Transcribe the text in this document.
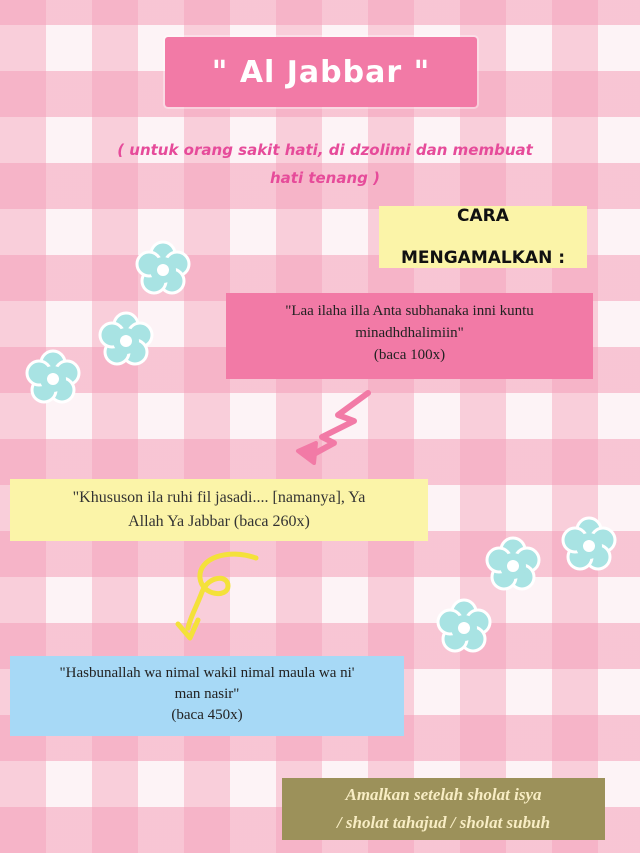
" Al Jabbar "
( untuk orang sakit hati, di dzolimi dan membuat
hati tenang )

CARA

MENGAMALKAN :

"Laa ilaha illa Anta subhanaka inni kuntu
minadhdhalimiin"
(baca 100x)
"Khususon ila ruhi fil jasadi.... [namanya], Ya
Allah Ya Jabbar (baca 260x)
"Hasbunallah wa nimal wakil nimal maula wa ni'
man nasir"
(baca 450x)
Amalkan setelah sholat isya
/ sholat tahajud / sholat subuh
